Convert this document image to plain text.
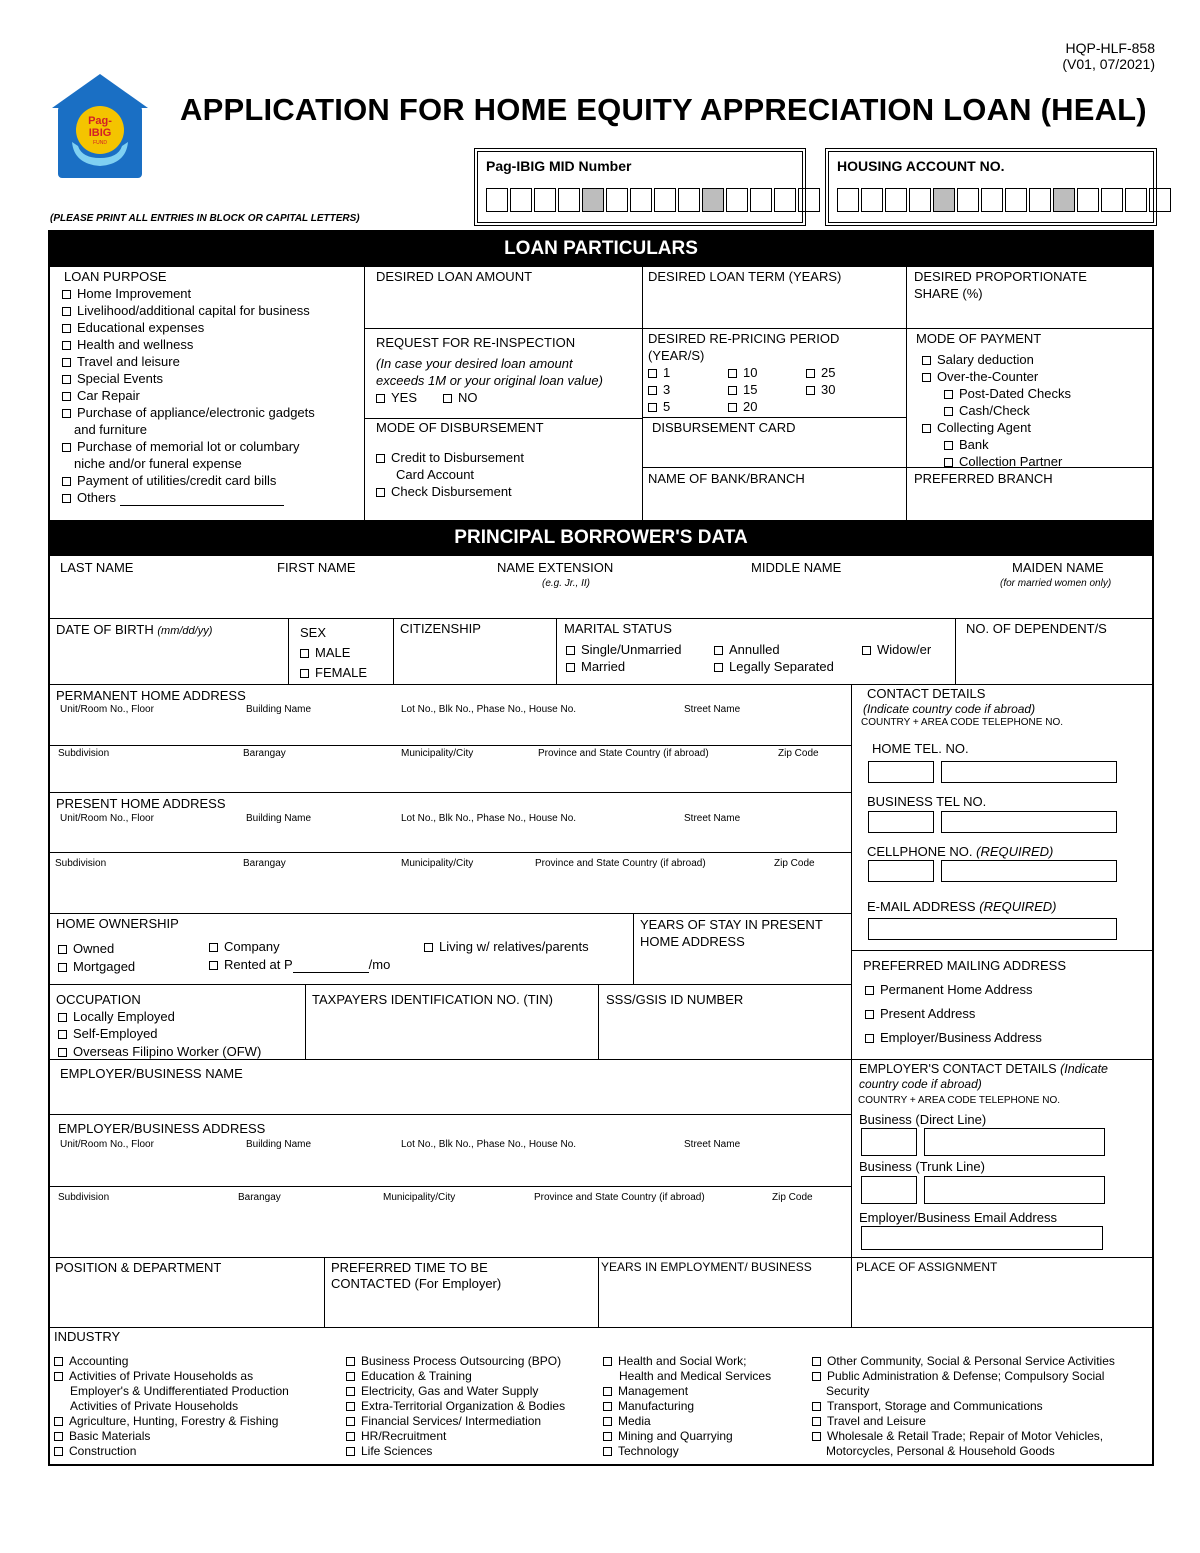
HQP-HLF-858
(V01, 07/2021)
Pag-
IBIG
FUND
APPLICATION FOR HOME EQUITY APPRECIATION LOAN (HEAL)
Pag-IBIG MID Number	HOUSING ACCOUNT NO.
(PLEASE PRINT ALL ENTRIES IN BLOCK OR CAPITAL LETTERS)
LOAN PARTICULARS
LOAN PURPOSE
Home Improvement
Livelihood/additional capital for business
Educational expenses
Health and wellness
Travel and leisure
Special Events
Car Repair
Purchase of appliance/electronic gadgets
and furniture
Purchase of memorial lot or columbary
niche and/or funeral expense
Payment of utilities/credit card bills
Others
DESIRED LOAN AMOUNT	DESIRED LOAN TERM (YEARS)	DESIRED PROPORTIONATE
SHARE (%)
REQUEST FOR RE-INSPECTION
(In case your desired loan amount
exceeds 1M or your original loan value)
YES	NO
DESIRED RE-PRICING PERIOD
(YEAR/S)
1	10	25
3	15	30
5	20
MODE OF PAYMENT
Salary deduction
Over-the-Counter
Post-Dated Checks
Cash/Check
Collecting Agent
Bank
Collection Partner
MODE OF DISBURSEMENT
Credit to Disbursement
Card Account
Check Disbursement
DISBURSEMENT CARD
NAME OF BANK/BRANCH	PREFERRED BRANCH
PRINCIPAL BORROWER'S DATA
LAST NAME	FIRST NAME	NAME EXTENSION
(e.g. Jr., II)
MIDDLE NAME	MAIDEN NAME
(for married women only)
DATE OF BIRTH (mm/dd/yy)	SEX
MALE
FEMALE
CITIZENSHIP	MARITAL STATUS
Single/Unmarried	Annulled	Widow/er
Married	Legally Separated
NO. OF DEPENDENT/S
PERMANENT HOME ADDRESS
Unit/Room No., Floor	Building Name	Lot No., Blk No., Phase No., House No.	Street Name
Subdivision	Barangay	Municipality/City	Province and State Country (if abroad)	Zip Code
PRESENT HOME ADDRESS
Unit/Room No., Floor	Building Name	Lot No., Blk No., Phase No., House No.	Street Name
Subdivision	Barangay	Municipality/City	Province and State Country (if abroad)	Zip Code
CONTACT DETAILS
(Indicate country code if abroad)
COUNTRY + AREA CODE TELEPHONE NO.
HOME TEL. NO.
BUSINESS TEL NO.
CELLPHONE NO. (REQUIRED)
E-MAIL ADDRESS (REQUIRED)
HOME OWNERSHIP
Owned	Company	Living w/ relatives/parents
Mortgaged	Rented at P	/mo
YEARS OF STAY IN PRESENT
HOME ADDRESS
PREFERRED MAILING ADDRESS
Permanent Home Address
Present Address
Employer/Business Address
OCCUPATION
Locally Employed
Self-Employed
Overseas Filipino Worker (OFW)
TAXPAYERS IDENTIFICATION NO. (TIN)	SSS/GSIS ID NUMBER
EMPLOYER/BUSINESS NAME
EMPLOYER/BUSINESS ADDRESS
Unit/Room No., Floor	Building Name	Lot No., Blk No., Phase No., House No.	Street Name
Subdivision	Barangay	Municipality/City	Province and State Country (if abroad)	Zip Code
EMPLOYER'S CONTACT DETAILS (Indicate
country code if abroad)
COUNTRY + AREA CODE TELEPHONE NO.
Business (Direct Line)
Business (Trunk Line)
Employer/Business Email Address
POSITION & DEPARTMENT	PREFERRED TIME TO BE
CONTACTED (For Employer)
YEARS IN EMPLOYMENT/ BUSINESS	PLACE OF ASSIGNMENT
INDUSTRY
Accounting
Activities of Private Households as
Employer's & Undifferentiated Production
Activities of Private Households
Agriculture, Hunting, Forestry & Fishing
Basic Materials
Construction
Business Process Outsourcing (BPO)
Education & Training
Electricity, Gas and Water Supply
Extra-Territorial Organization & Bodies
Financial Services/ Intermediation
HR/Recruitment
Life Sciences
Health and Social Work;
Health and Medical Services
Management
Manufacturing
Media
Mining and Quarrying
Technology
Other Community, Social & Personal Service Activities
Public Administration & Defense; Compulsory Social
Security
Transport, Storage and Communications
Travel and Leisure
Wholesale & Retail Trade; Repair of Motor Vehicles,
Motorcycles, Personal & Household Goods
